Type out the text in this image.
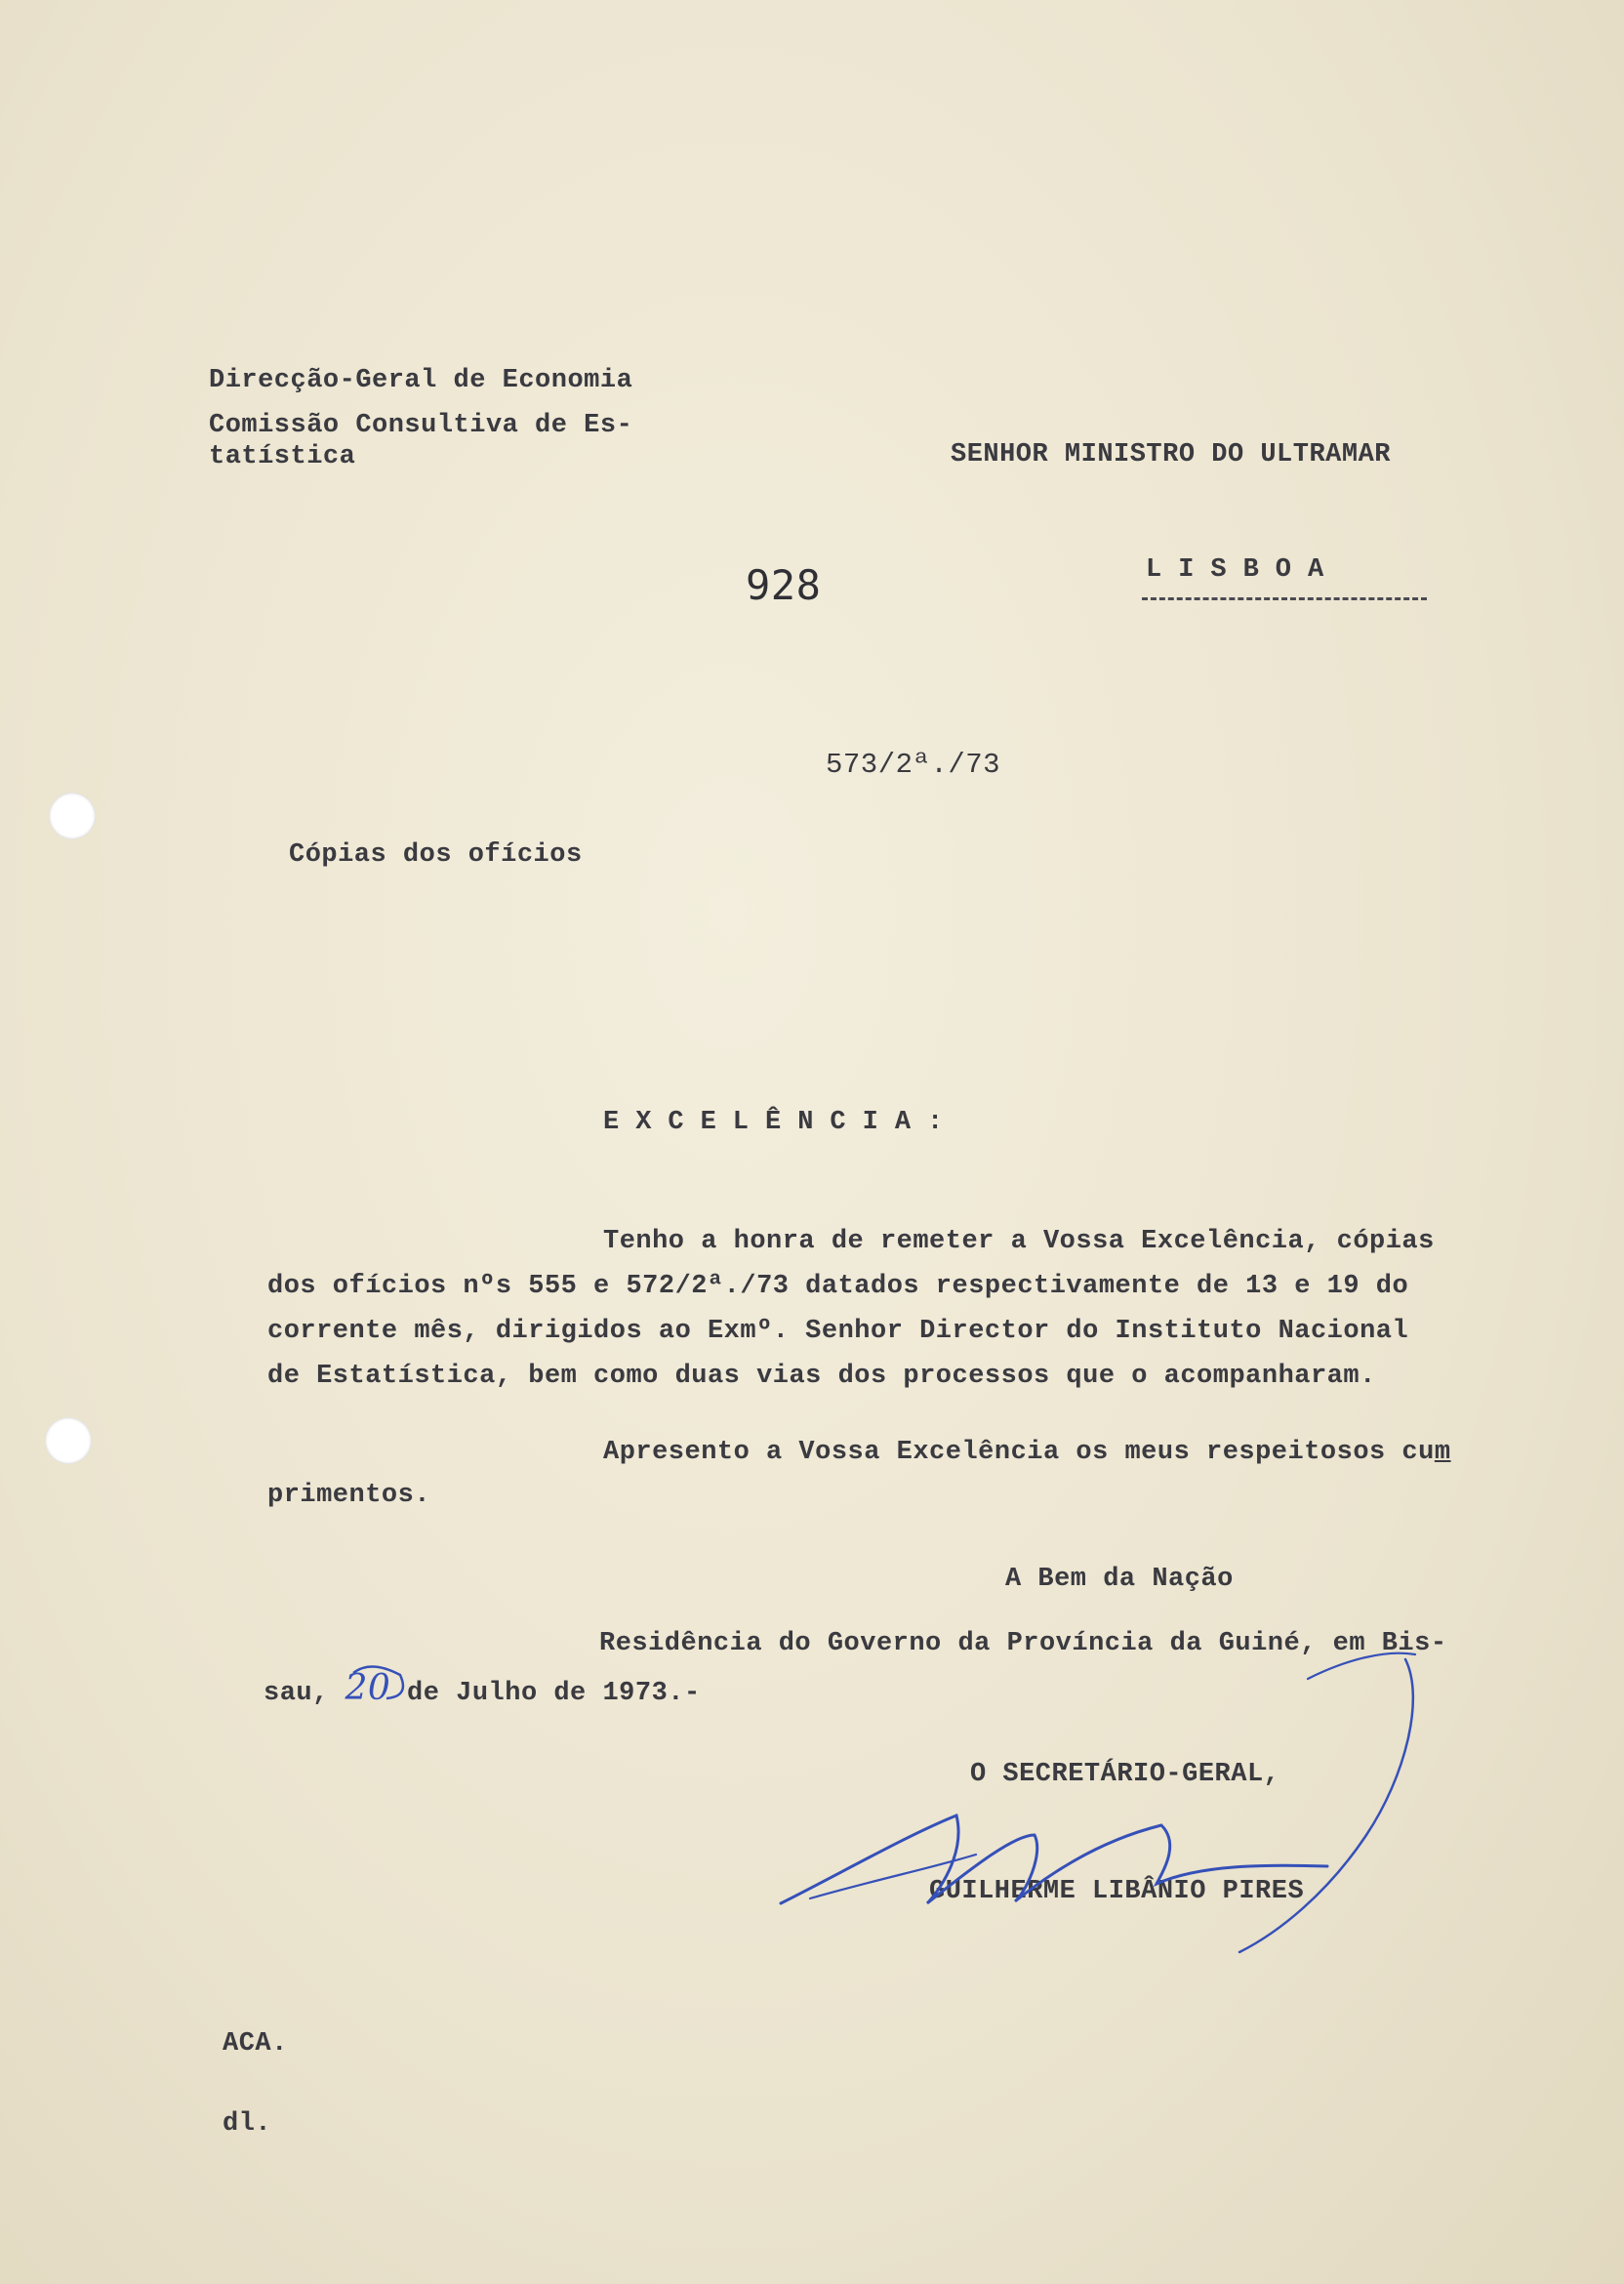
Direcção-Geral de Economia

Comissão Consultiva de Es-

tatística	SENHOR MINISTRO DO ULTRAMAR

LISBOA

928

573/2ª./73

Cópias dos ofícios

EXCELÊNCIA:

Tenho a honra de remeter a Vossa Excelência, cópias

dos ofícios nºs 555 e 572/2ª./73 datados respectivamente de 13 e 19 do

corrente mês, dirigidos ao Exmº. Senhor Director do Instituto Nacional

de Estatística, bem como duas vias dos processos que o acompanharam.

Apresento a Vossa Excelência os meus respeitosos cum

primentos.

A Bem da Nação

Residência do Governo da Província da Guiné, em Bis-

sau, 20 de Julho de 1973.-

O SECRETÁRIO-GERAL,

GUILHERME LIBÂNIO PIRES

ACA.

dl.
